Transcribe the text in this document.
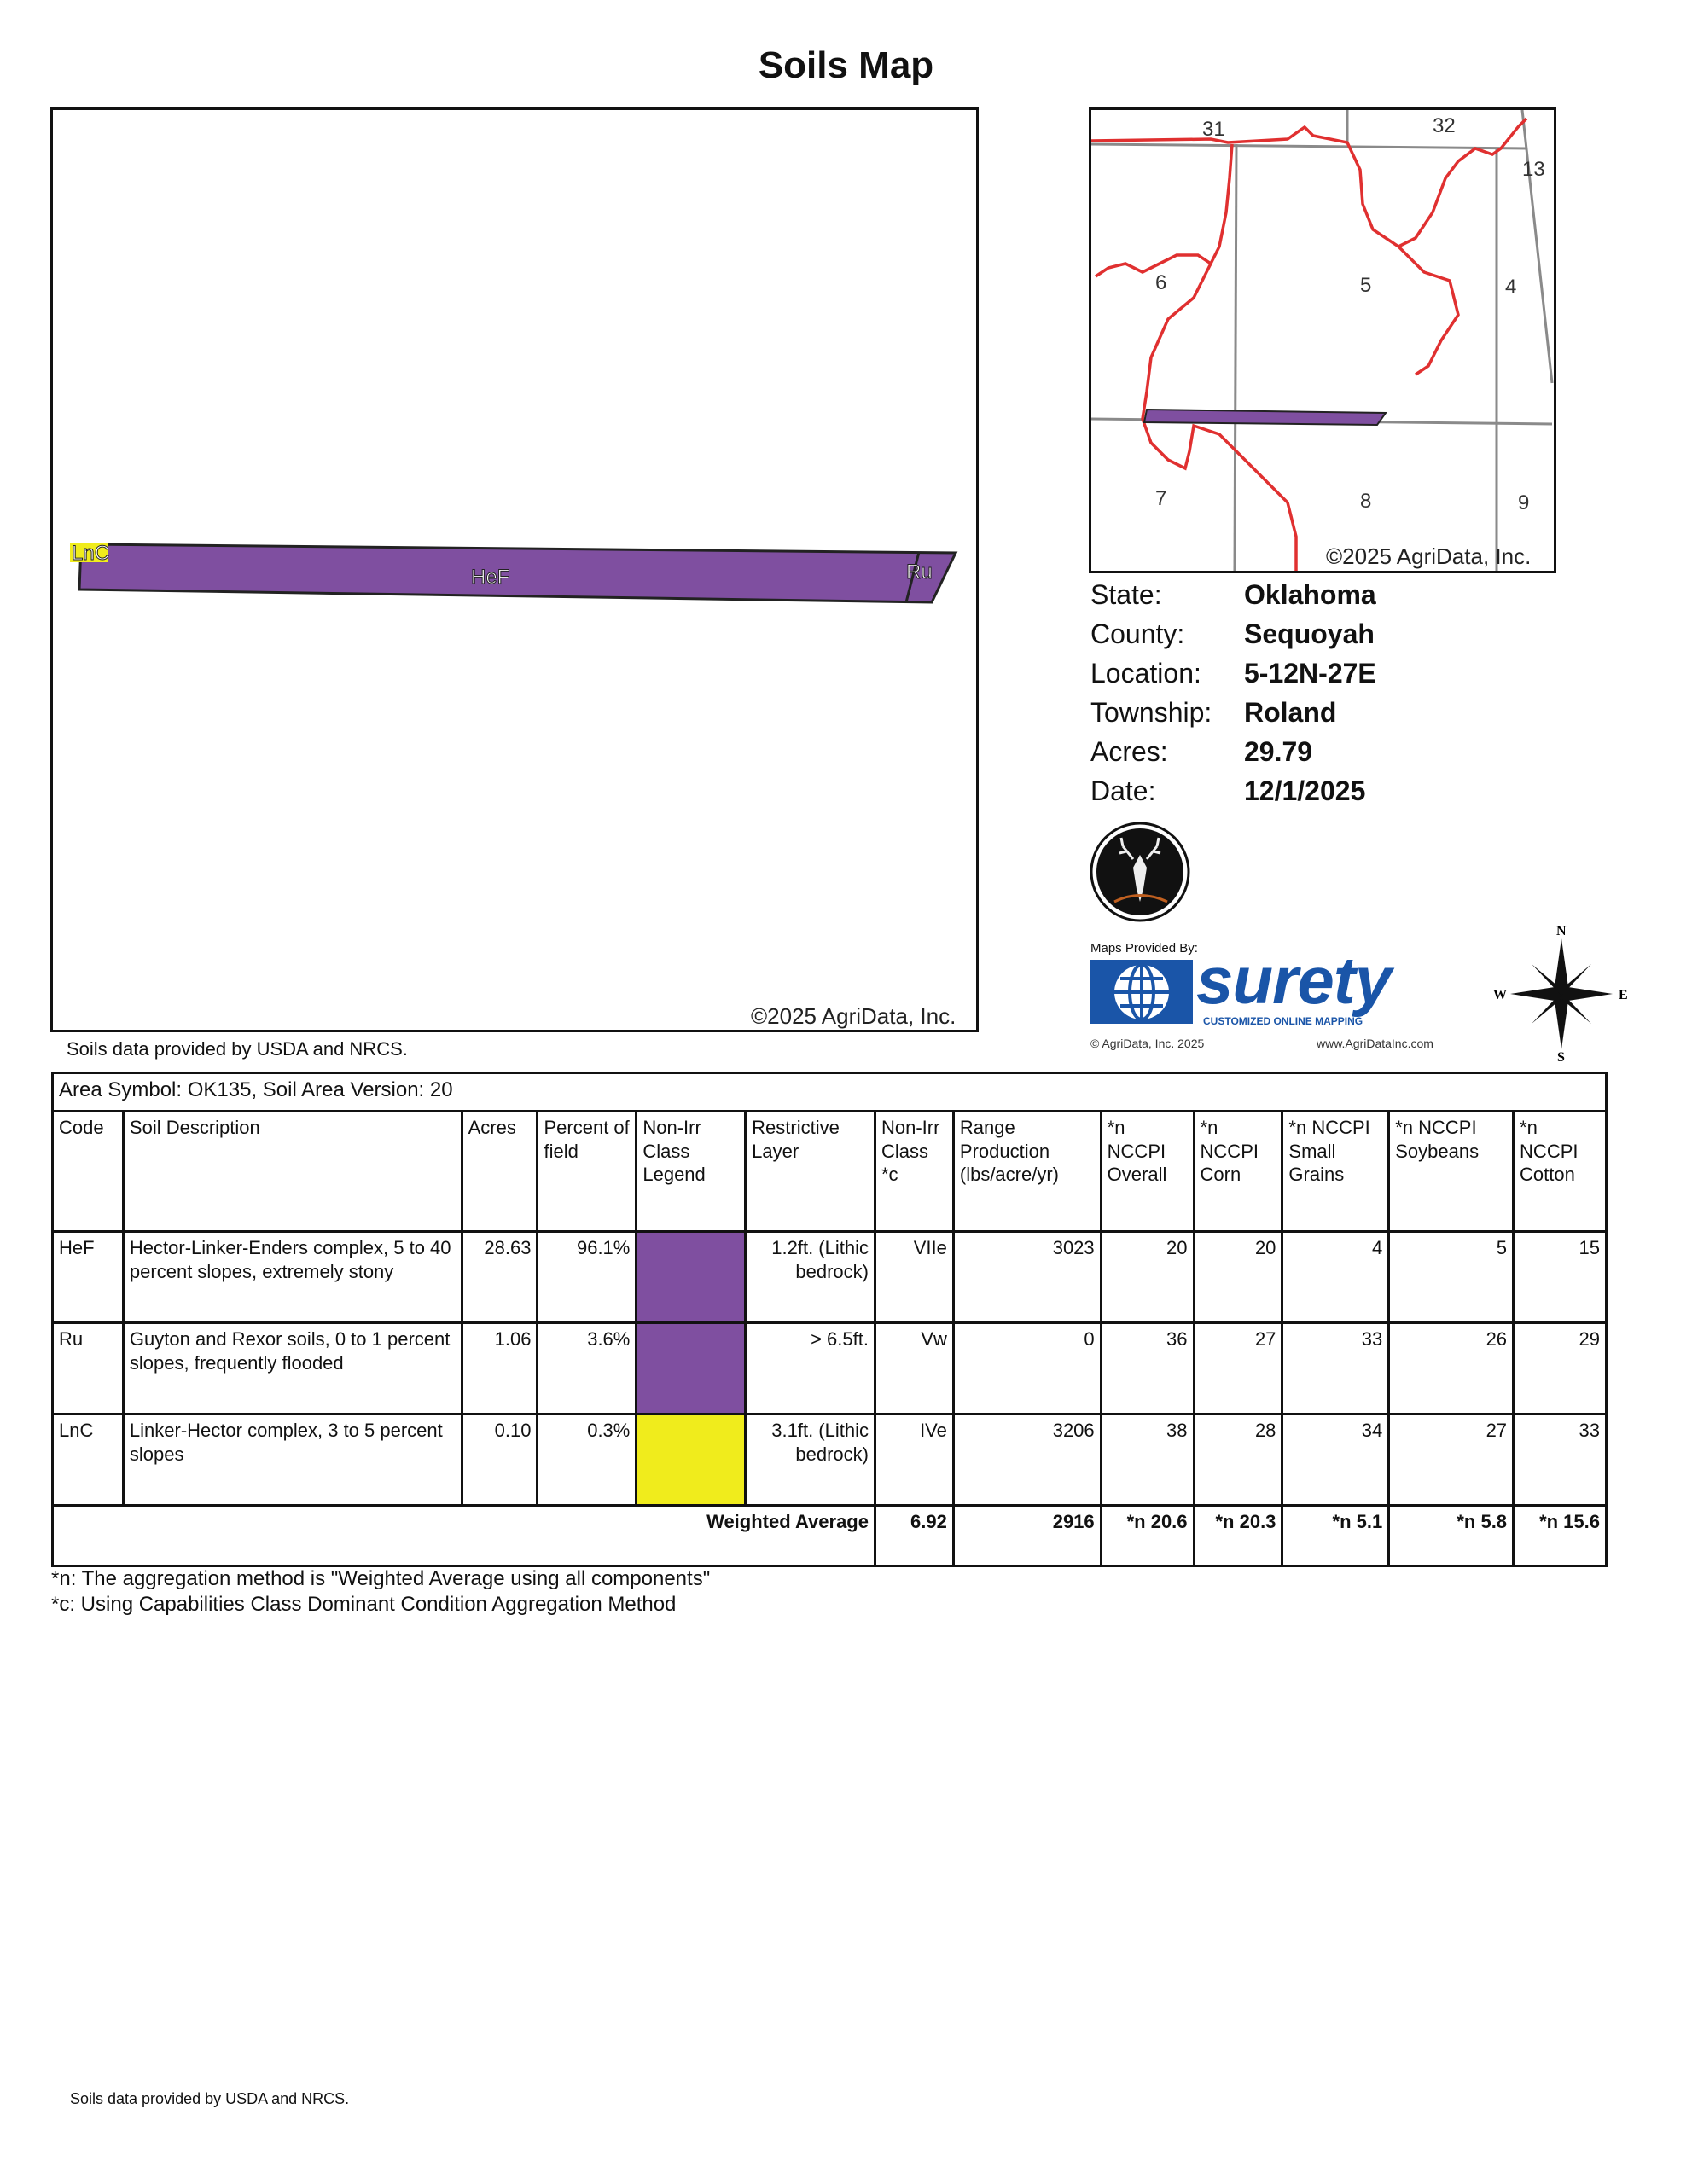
Soils Map
LnC
HeF	Ru
©2025 AgriData, Inc.
Soils data provided by USDA and NRCS.
31	32
13
6	5	4
7	8	9
©2025 AgriData, Inc.
State:	Oklahoma
County:	Sequoyah
Location:	5-12N-27E
Township:	Roland
Acres:	29.79
Date:	12/1/2025
Maps Provided By:
surety
CUSTOMIZED ONLINE MAPPING
© AgriData, Inc. 2025	www.AgriDataInc.com
N
S
W	E
Area Symbol: OK135, Soil Area Version: 20												
Code	Soil Description	Acres	Percent of field	Non-Irr Class Legend	Restrictive Layer	Non-Irr Class *c	Range Production (lbs/acre/yr)	*n NCCPI Overall	*n NCCPI Corn	*n NCCPI Small Grains	*n NCCPI Soybeans	*n NCCPI Cotton
HeF	Hector-Linker-Enders complex, 5 to 40 percent slopes, extremely stony	28.63	96.1%		1.2ft. (Lithic bedrock)	VIIe	3023	20	20	4	5	15
Ru	Guyton and Rexor soils, 0 to 1 percent slopes, frequently flooded	1.06	3.6%		> 6.5ft.	Vw	0	36	27	33	26	29
LnC	Linker-Hector complex, 3 to 5 percent slopes	0.10	0.3%		3.1ft. (Lithic bedrock)	IVe	3206	38	28	34	27	33
Weighted Average						6.92	2916	*n 20.6	*n 20.3	*n 5.1	*n 5.8	*n 15.6
*n: The aggregation method is "Weighted Average using all components"
*c: Using Capabilities Class Dominant Condition Aggregation Method
Soils data provided by USDA and NRCS.
